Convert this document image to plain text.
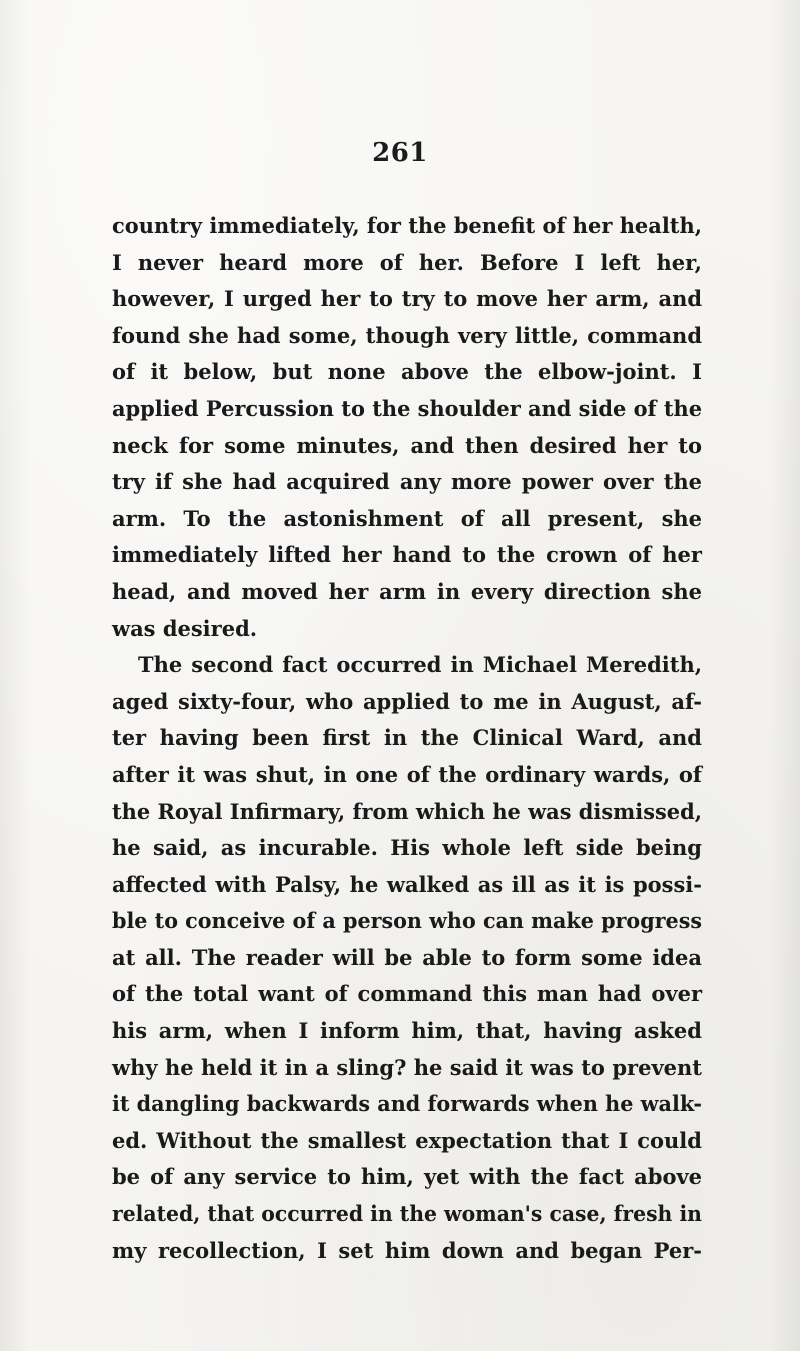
261
country immediately, for the benefit of her health,
I never heard more of her. Before I left her,
however, I urged her to try to move her arm, and
found she had some, though very little, command
of it below, but none above the elbow-joint. I
applied Percussion to the shoulder and side of the
neck for some minutes, and then desired her to
try if she had acquired any more power over the
arm. To the astonishment of all present, she
immediately lifted her hand to the crown of her
head, and moved her arm in every direction she
was desired.
The second fact occurred in Michael Meredith,
aged sixty-four, who applied to me in August, af-
ter having been first in the Clinical Ward, and
after it was shut, in one of the ordinary wards, of
the Royal Infirmary, from which he was dismissed,
he said, as incurable. His whole left side being
affected with Palsy, he walked as ill as it is possi-
ble to conceive of a person who can make progress
at all. The reader will be able to form some idea
of the total want of command this man had over
his arm, when I inform him, that, having asked
why he held it in a sling? he said it was to prevent
it dangling backwards and forwards when he walk-
ed. Without the smallest expectation that I could
be of any service to him, yet with the fact above
related, that occurred in the woman's case, fresh in
my recollection, I set him down and began Per-
